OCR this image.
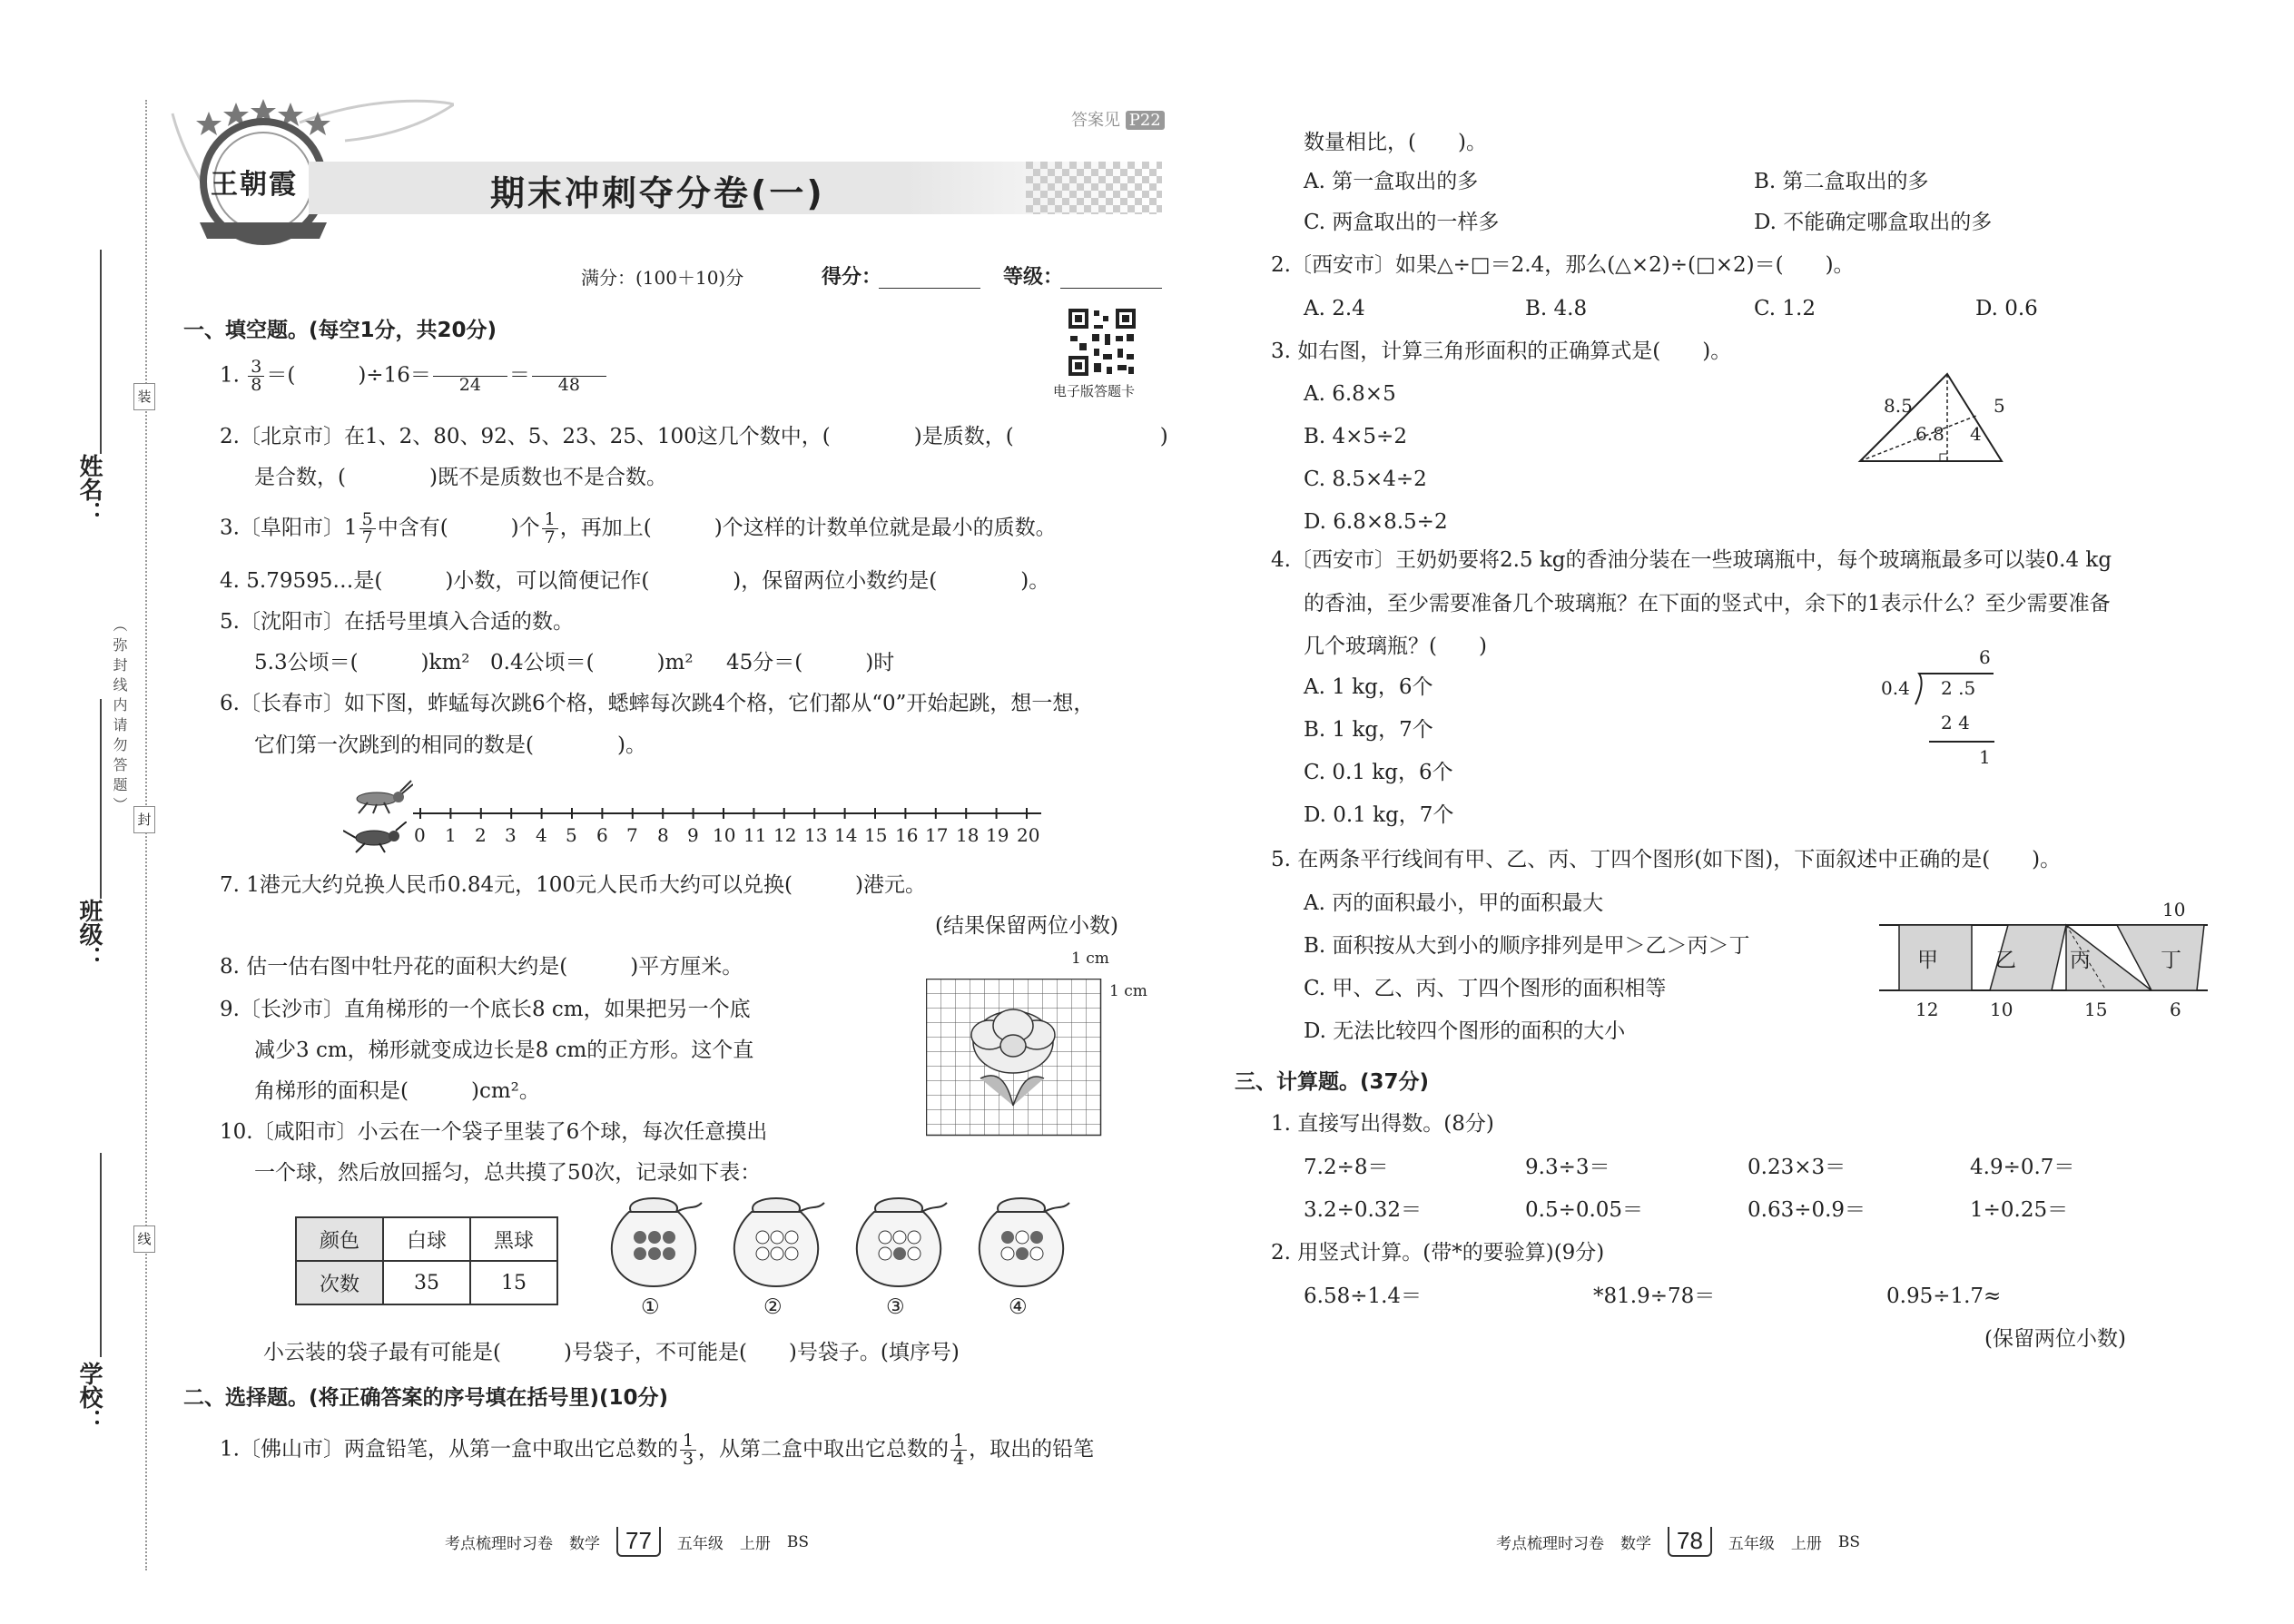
装
封
线
（弥封线内请勿答题）
姓名：
班级：
学校：
王朝霞
答案见 P22
期末冲刺夺分卷(一)
满分：(100＋10)分	得分：	等级：
电子版答题卡
一、填空题。(每空1分，共20分)
1. $\frac{3}{8}$ ＝(　　　)÷16＝
　　　　 24 ＝
　　　　 48
2.〔北京市〕在1、2、80、92、5、23、25、100这几个数中，(　　　　)是质数，(　　　　　　　)
是合数，(　　　　)既不是质数也不是合数。
3.〔阜阳市〕$1 \frac{5}{7}$ 中含有(　　　)个 $\frac{1}{7}$ ，再加上(　　　)个这样的计数单位就是最小的质数。
4. 5.79595…是(　　　)小数，可以简便记作(　　　　)，保留两位小数约是(　　　　)。
5.〔沈阳市〕在括号里填入合适的数。
5.3公顷＝(　　　)km² 0.4公顷＝(　　　)m² 45分＝(　　　)时
6.〔长春市〕如下图，蚱蜢每次跳6个格，蟋蟀每次跳4个格，它们都从“0”开始起跳，想一想，
它们第一次跳到的相同的数是(　　　　)。
0 1 2 3 4 5 6 7 8 9 10 11 12 13 14 15 16 17 18 19 20
7. 1港元大约兑换人民币0.84元，100元人民币大约可以兑换(　　　)港元。
(结果保留两位小数)
8. 估一估右图中牡丹花的面积大约是(　　　)平方厘米。	1 cm
1 cm
9.〔长沙市〕直角梯形的一个底长8 cm，如果把另一个底
减少3 cm，梯形就变成边长是8 cm的正方形。这个直
角梯形的面积是(　　　)cm²。
10.〔咸阳市〕小云在一个袋子里装了6个球，每次任意摸出
一个球，然后放回摇匀，总共摸了50次，记录如下表：
颜色	白球	黑球
次数	35	15
①	②	③	④
小云装的袋子最有可能是(　　　)号袋子，不可能是(　　)号袋子。(填序号)
二、选择题。(将正确答案的序号填在括号里)(10分)
1.〔佛山市〕两盒铅笔，从第一盒中取出它总数的 $\frac{1}{3}$ ，从第二盒中取出它总数的 $\frac{1}{4}$ ，取出的铅笔
数量相比，(　　)。
A. 第一盒取出的多	B. 第二盒取出的多
C. 两盒取出的一样多	D. 不能确定哪盒取出的多
2.〔西安市〕如果△÷□＝2.4，那么(△×2)÷(□×2)＝(　　)。
A. 2.4	B. 4.8	C. 1.2	D. 0.6
3. 如右图，计算三角形面积的正确算式是(　　)。
A. 6.8×5
B. 4×5÷2
C. 8.5×4÷2
D. 6.8×8.5÷2
8.5	5
6.8 4
4.〔西安市〕王奶奶要将2.5 kg的香油分装在一些玻璃瓶中，每个玻璃瓶最多可以装0.4 kg
的香油，至少需要准备几个玻璃瓶？在下面的竖式中，余下的1表示什么？至少需要准备
几个玻璃瓶？(　　)
A. 1 kg，6个
B. 1 kg，7个
C. 0.1 kg，6个
D. 0.1 kg，7个
6
0.4 2 .5
2 4
1
5. 在两条平行线间有甲、乙、丙、丁四个图形(如下图)，下面叙述中正确的是(　　)。
A. 丙的面积最小，甲的面积最大
B. 面积按从大到小的顺序排列是甲＞乙＞丙＞丁
C. 甲、乙、丙、丁四个图形的面积相等
D. 无法比较四个图形的面积的大小
甲	乙	丙	丁
10
12	10	15	6
三、计算题。(37分)
1. 直接写出得数。(8分)
7.2÷8＝	9.3÷3＝	0.23×3＝	4.9÷0.7＝
3.2÷0.32＝	0.5÷0.05＝	0.63÷0.9＝	1÷0.25＝
2. 用竖式计算。(带*的要验算)(9分)
6.58÷1.4＝	*81.9÷78＝	0.95÷1.7≈
(保留两位小数)
考点梳理时习卷 数学	77	五年级 上册 BS	考点梳理时习卷 数学	78	五年级 上册 BS
